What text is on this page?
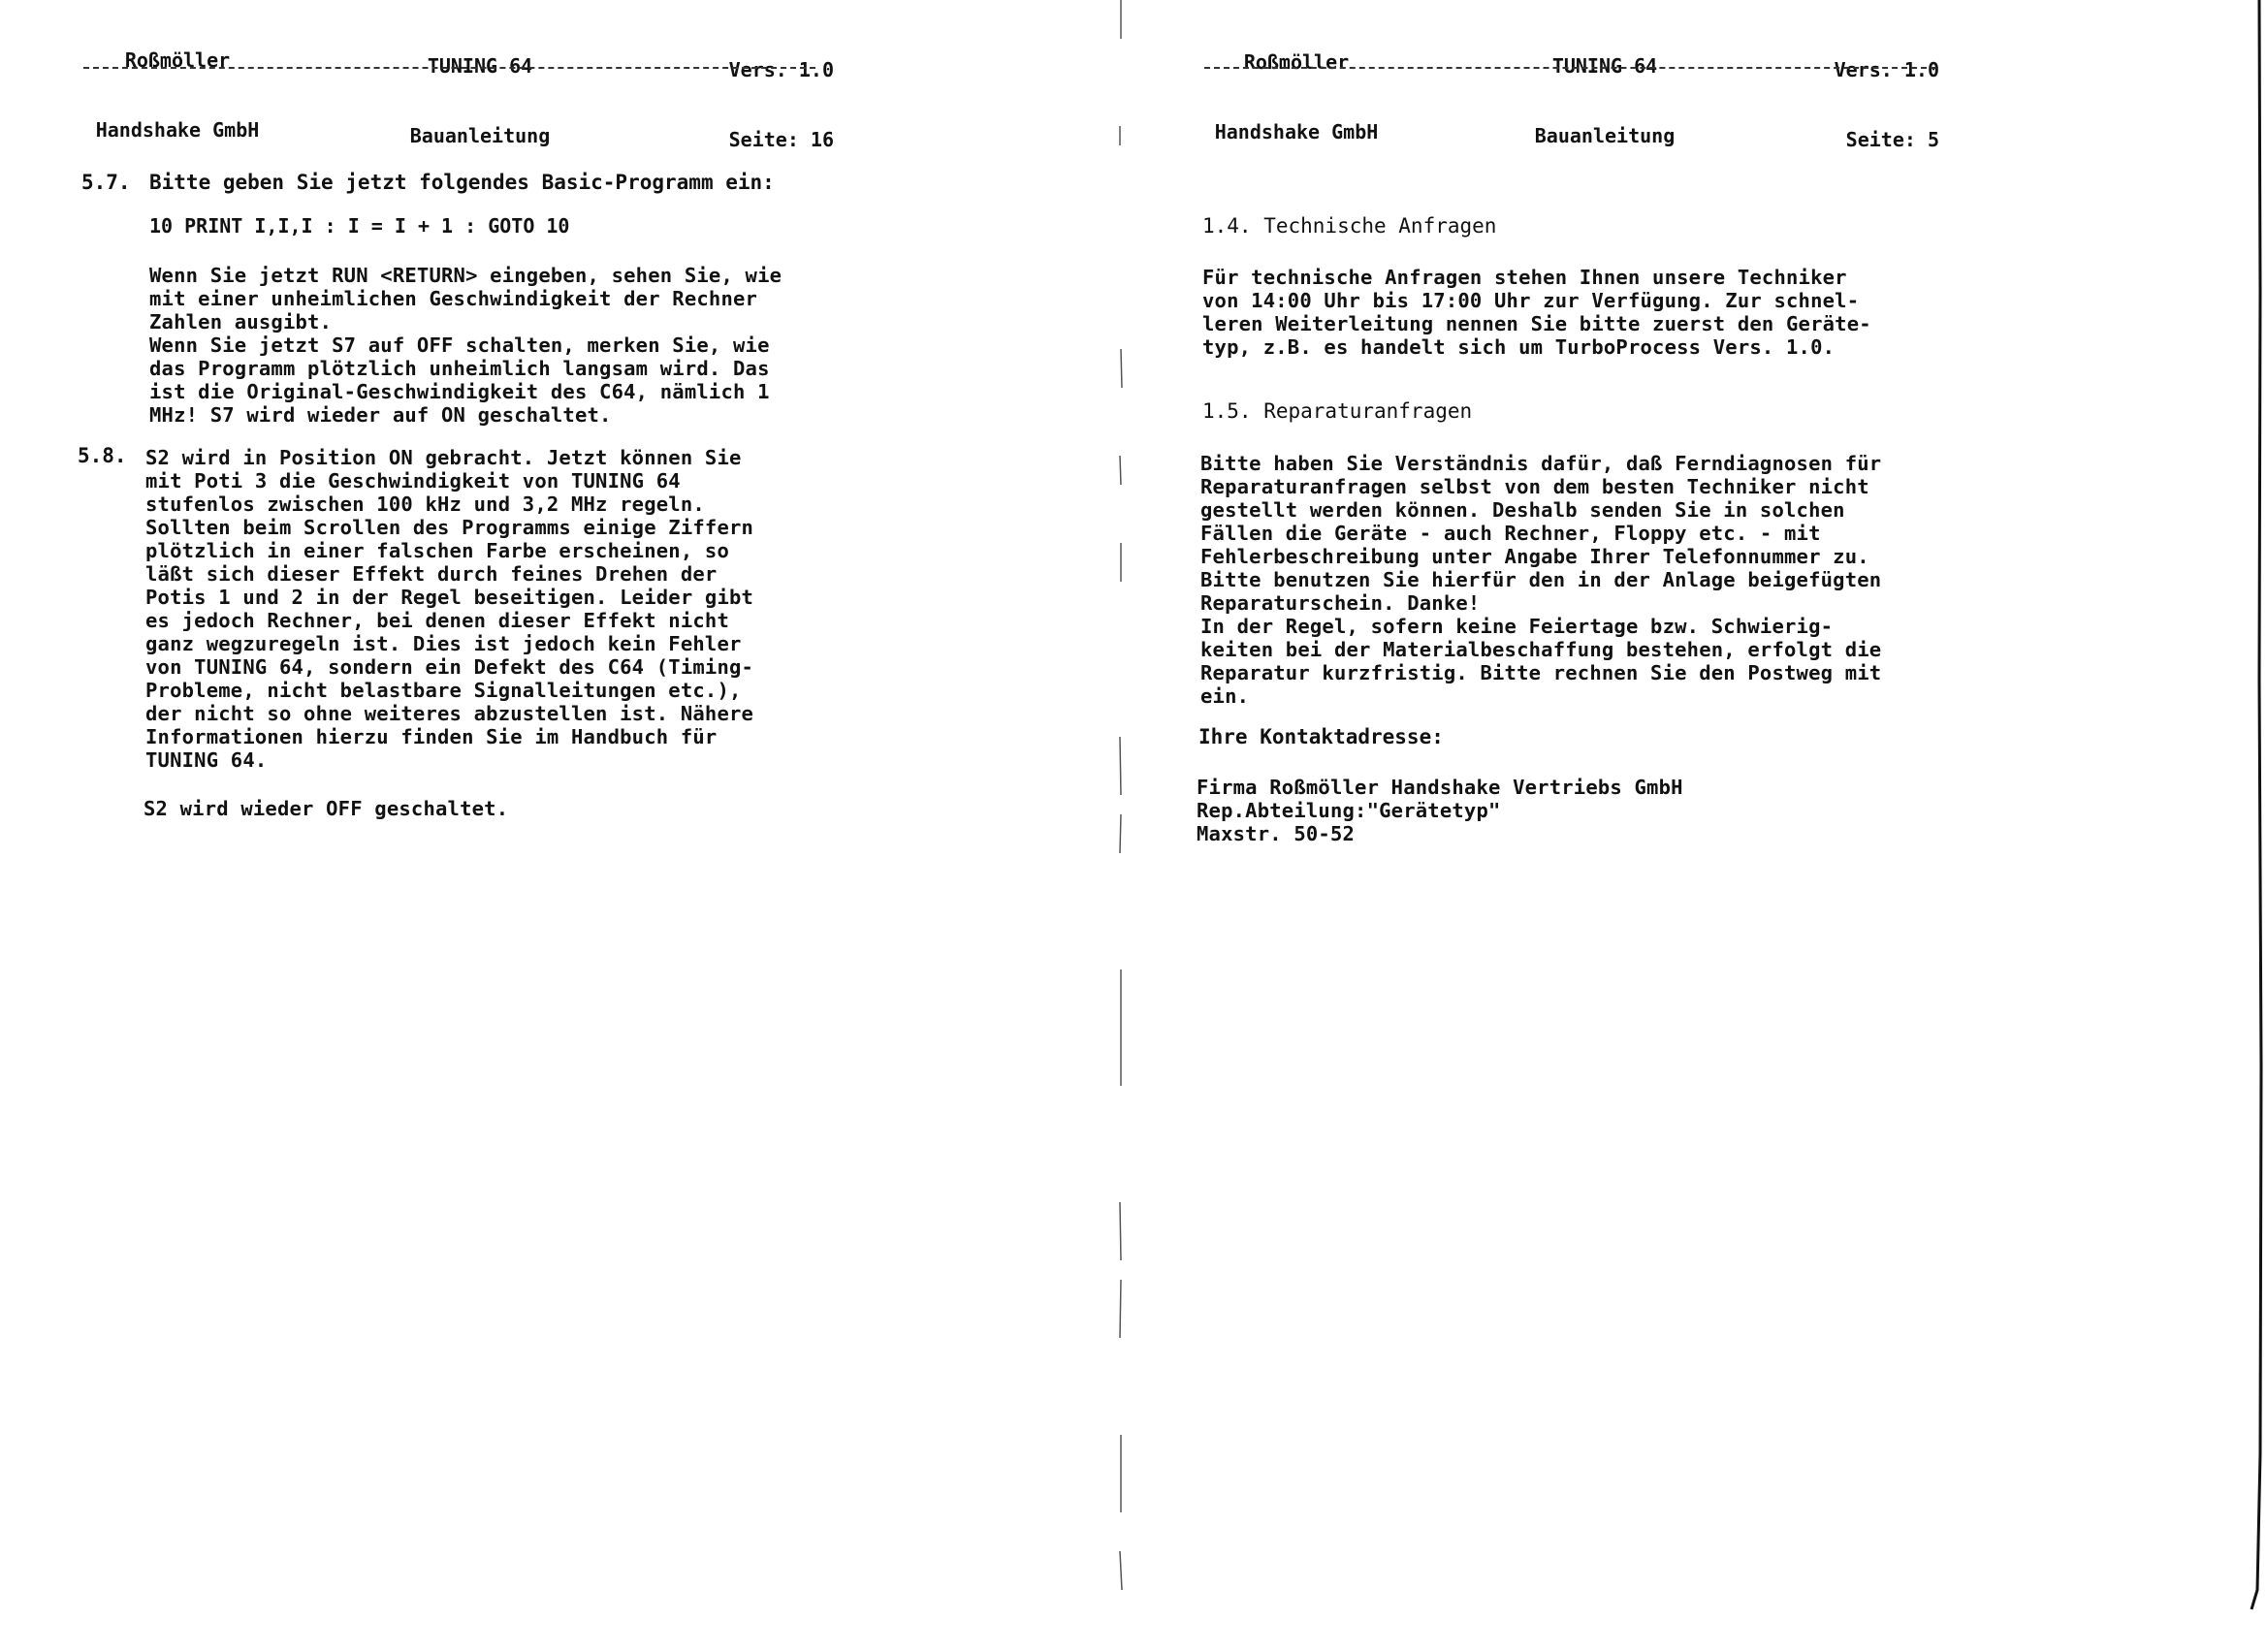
Roßmöller

Handshake GmbH

TUNING 64

Bauanleitung

Vers. 1.0

Seite: 16

5.7. Bitte geben Sie jetzt folgendes Basic-Programm ein:
10 PRINT I,I,I : I = I + 1 : GOTO 10
Wenn Sie jetzt RUN <RETURN> eingeben, sehen Sie, wie
mit einer unheimlichen Geschwindigkeit der Rechner
Zahlen ausgibt.
Wenn Sie jetzt S7 auf OFF schalten, merken Sie, wie
das Programm plötzlich unheimlich langsam wird. Das
ist die Original-Geschwindigkeit des C64, nämlich 1
MHz! S7 wird wieder auf ON geschaltet.
5.8. S2 wird in Position ON gebracht. Jetzt können Sie
mit Poti 3 die Geschwindigkeit von TUNING 64
stufenlos zwischen 100 kHz und 3,2 MHz regeln.
Sollten beim Scrollen des Programms einige Ziffern
plötzlich in einer falschen Farbe erscheinen, so
läßt sich dieser Effekt durch feines Drehen der
Potis 1 und 2 in der Regel beseitigen. Leider gibt
es jedoch Rechner, bei denen dieser Effekt nicht
ganz wegzuregeln ist. Dies ist jedoch kein Fehler
von TUNING 64, sondern ein Defekt des C64 (Timing-
Probleme, nicht belastbare Signalleitungen etc.),
der nicht so ohne weiteres abzustellen ist. Nähere
Informationen hierzu finden Sie im Handbuch für
TUNING 64.
S2 wird wieder OFF geschaltet.

Roßmöller

Handshake GmbH

TUNING 64

Bauanleitung

Vers. 1.0

Seite: 5

1.4. Technische Anfragen
Für technische Anfragen stehen Ihnen unsere Techniker
von 14:00 Uhr bis 17:00 Uhr zur Verfügung. Zur schnel-
leren Weiterleitung nennen Sie bitte zuerst den Geräte-
typ, z.B. es handelt sich um TurboProcess Vers. 1.0.
1.5. Reparaturanfragen
Bitte haben Sie Verständnis dafür, daß Ferndiagnosen für
Reparaturanfragen selbst von dem besten Techniker nicht
gestellt werden können. Deshalb senden Sie in solchen
Fällen die Geräte - auch Rechner, Floppy etc. - mit
Fehlerbeschreibung unter Angabe Ihrer Telefonnummer zu.
Bitte benutzen Sie hierfür den in der Anlage beigefügten
Reparaturschein. Danke!
In der Regel, sofern keine Feiertage bzw. Schwierig-
keiten bei der Materialbeschaffung bestehen, erfolgt die
Reparatur kurzfristig. Bitte rechnen Sie den Postweg mit
ein.
Ihre Kontaktadresse:
Firma Roßmöller Handshake Vertriebs GmbH
Rep.Abteilung:"Gerätetyp"
Maxstr. 50-52
